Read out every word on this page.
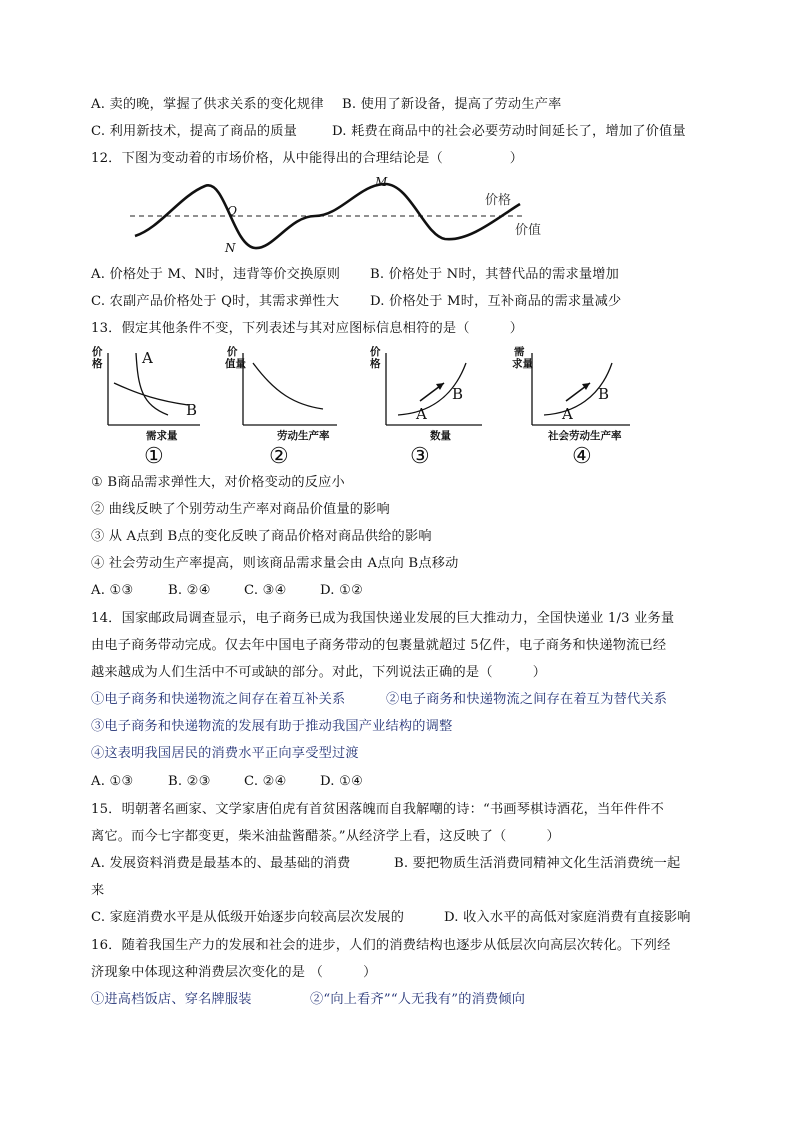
A. 卖的晚，掌握了供求关系的变化规律 B. 使用了新设备，提高了劳动生产率
C. 利用新技术，提高了商品的质量	D. 耗费在商品中的社会必要劳动时间延长了，增加了价值量
12．下图为变动着的市场价格，从中能得出的合理结论是（　　　　　）
M
Q
N
价格
价值
A. 价格处于 M、N时，违背等价交换原则 B. 价格处于 N时，其替代品的需求量增加
C. 农副产品价格处于 Q时，其需求弹性大 D. 价格处于 M时，互补商品的需求量减少
13．假定其他条件不变，下列表述与其对应图标信息相符的是（　　　）
价
格	A
B
需求量
①
价
值量
劳动生产率
②
价
格
A
B
数量
③
需
求量
A
B
社会劳动生产率
④
① B商品需求弹性大，对价格变动的反应小
② 曲线反映了个别劳动生产率对商品价值量的影响
③ 从 A点到 B点的变化反映了商品价格对商品供给的影响
④ 社会劳动生产率提高，则该商品需求量会由 A点向 B点移动
A. ①③	B. ②④	C. ③④	D. ①②
14．国家邮政局调查显示，电子商务已成为我国快递业发展的巨大推动力，全国快递业 1/3 业务量
由电子商务带动完成。仅去年中国电子商务带动的包裹量就超过 5亿件，电子商务和快递物流已经
越来越成为人们生活中不可或缺的部分。对此，下列说法正确的是（　　　）
①电子商务和快递物流之间存在着互补关系	②电子商务和快递物流之间存在着互为替代关系
③电子商务和快递物流的发展有助于推动我国产业结构的调整
④这表明我国居民的消费水平正向享受型过渡
A. ①③	B. ②③	C. ②④	D. ①④
15．明朝著名画家、文学家唐伯虎有首贫困落魄而自我解嘲的诗：“书画琴棋诗酒花，当年件件不
离它。而今七字都变更，柴米油盐酱醋茶。”从经济学上看，这反映了（　　　）
A. 发展资料消费是最基本的、最基础的消费	B. 要把物质生活消费同精神文化生活消费统一起
来
C. 家庭消费水平是从低级开始逐步向较高层次发展的	D. 收入水平的高低对家庭消费有直接影响
16．随着我国生产力的发展和社会的进步，人们的消费结构也逐步从低层次向高层次转化。下列经
济现象中体现这种消费层次变化的是 （　　　）
①进高档饭店、穿名牌服装	②“向上看齐”“人无我有”的消费倾向
